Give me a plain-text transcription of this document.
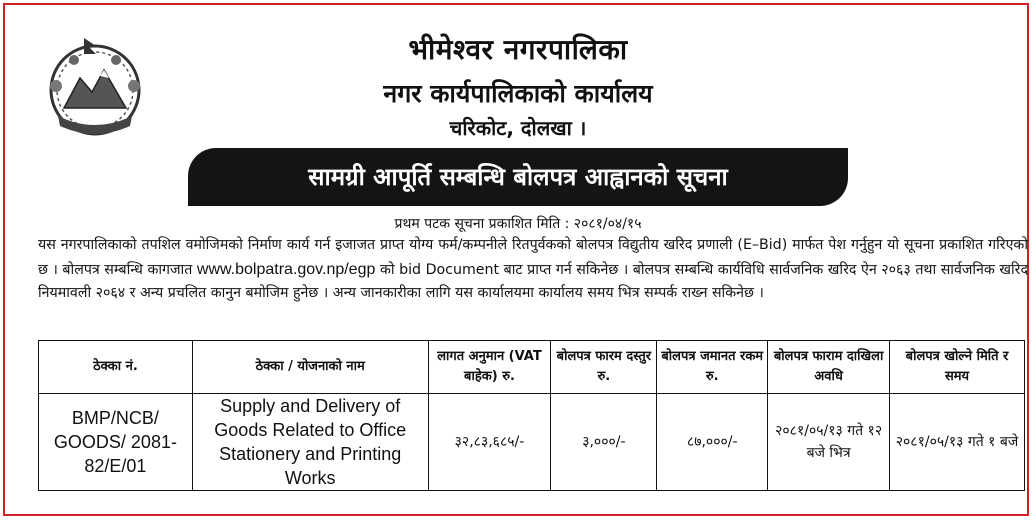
भीमेश्वर नगरपालिका
नगर कार्यपालिकाको कार्यालय
चरिकोट, दोलखा ।
सामग्री आपूर्ति सम्बन्धि बोलपत्र आह्वानको सूचना
प्रथम पटक सूचना प्रकाशित मिति : २०८१/०४/१५

यस नगरपालिकाको तपशिल वमोजिमको निर्माण कार्य गर्न इजाजत प्राप्त योग्य फर्म/कम्पनीले रितपुर्वकको बोलपत्र विद्युतीय खरिद प्रणाली (E–Bid) मार्फत पेश गर्नुहुन यो सूचना प्रकाशित गरिएको छ । बोलपत्र सम्बन्धि कागजात www.bolpatra.gov.np/egp को bid Document बाट प्राप्त गर्न सकिनेछ । बोलपत्र सम्बन्धि कार्यविधि सार्वजनिक खरिद ऐन २०६३ तथा सार्वजनिक खरिद नियमावली २०६४ र अन्य प्रचलित कानुन बमोजिम हुनेछ । अन्य जानकारीका लागि यस कार्यालयमा कार्यालय समय भित्र सम्पर्क राख्न सकिनेछ ।

ठेक्का नं.	ठेक्का / योजनाको नाम	लागत अनुमान (VAT बाहेक) रु.	बोलपत्र फारम दस्तुर रु.	बोलपत्र जमानत रकम रु.	बोलपत्र फाराम दाखिला अवधि	बोलपत्र खोल्ने मिति र समय
BMP/NCB/ GOODS/ 2081-82/E/01	Supply and Delivery of Goods Related to Office Stationery and Printing Works	३२,८३,६८५/-	३,०००/-	८७,०००/-	२०८१/०५/१३ गते १२ बजे भित्र	२०८१/०५/१३ गते १ बजे
